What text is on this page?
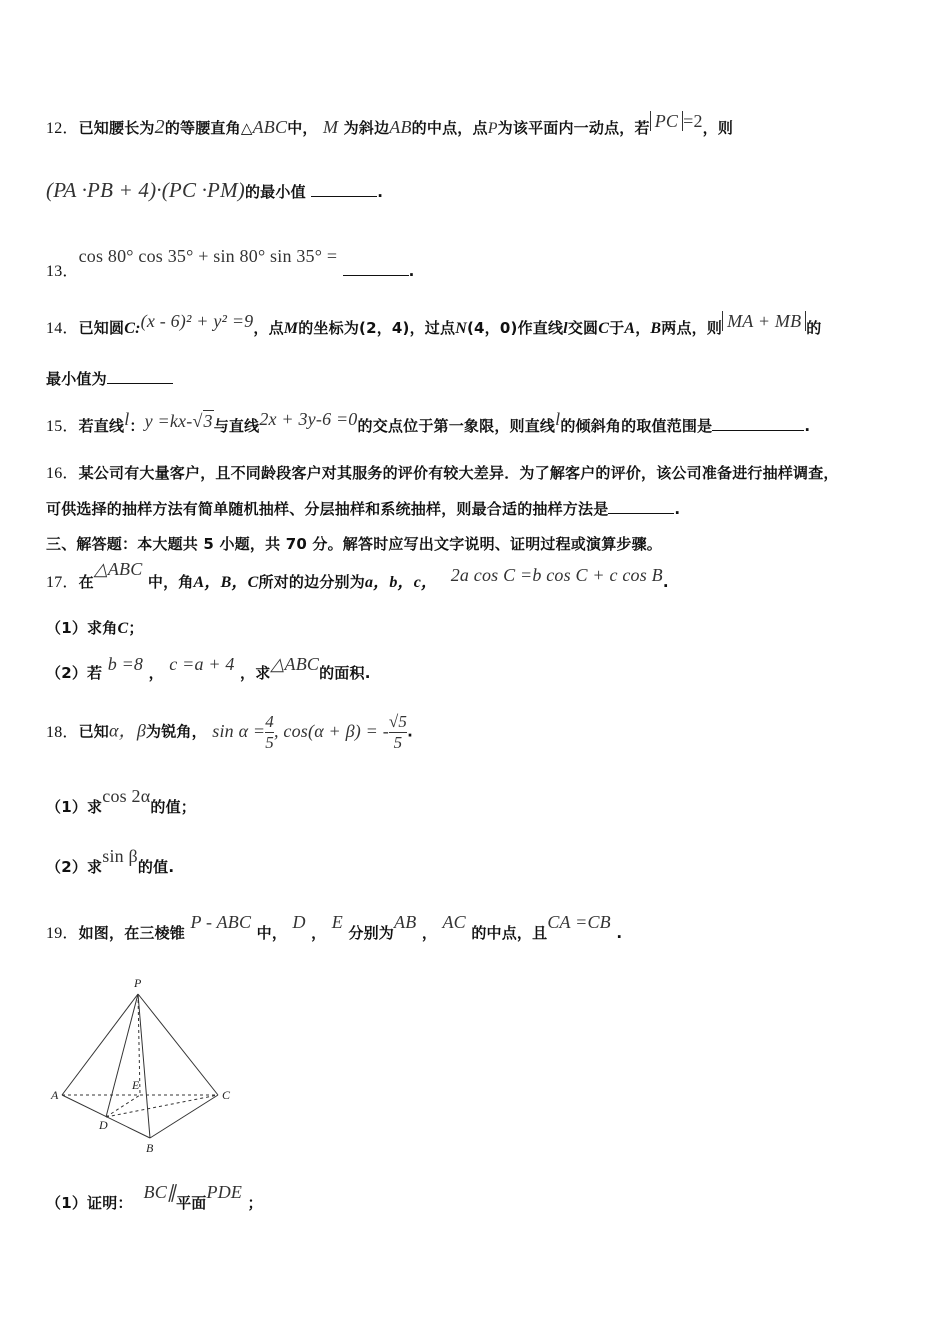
12．已知腰长为2的等腰直角△ABC中， M 为斜边AB的中点，点P为该平面内一动点，若 PC =2，则
(PA ·PB + 4)·(PC ·PM)的最小值	.
13．cos 80° cos 35° + sin 80° sin 35° = .
14．已知圆C:(x - 6)² + y² =9，点M的坐标为(2，4)，过点N(4，0)作直线l交圆C于A，B两点，则 MA + MB 的
最小值为
15．若直线l：y =kx-√3与直线2x + 3y-6 =0的交点位于第一象限，则直线l的倾斜角的取值范围是	.
16．某公司有大量客户，且不同龄段客户对其服务的评价有较大差异．为了解客户的评价，该公司准备进行抽样调查，
可供选择的抽样方法有简单随机抽样、分层抽样和系统抽样，则最合适的抽样方法是	.
三、解答题：本大题共 5 小题，共 70 分。解答时应写出文字说明、证明过程或演算步骤。
17．在△ABC 中，角A，B，C所对的边分别为a，b，c， 2a cos C =b cos C + c cos B.
（1）求角C；
（2）若 b =8 ， c =a + 4 ，求△ABC的面积.
18．已知α，β为锐角， $\sin \alpha = \frac{4}{5}$ , cos(α + β) = - $\frac{√5}{5}$ .
（1）求cos 2α的值；
（2）求sin β的值.
19．如图，在三棱锥 P - ABC 中， D ， E 分别为AB ， AC 的中点，且CA =CB .
P
A	C
E
D
B
（1）证明：  BC∥平面PDE ；
